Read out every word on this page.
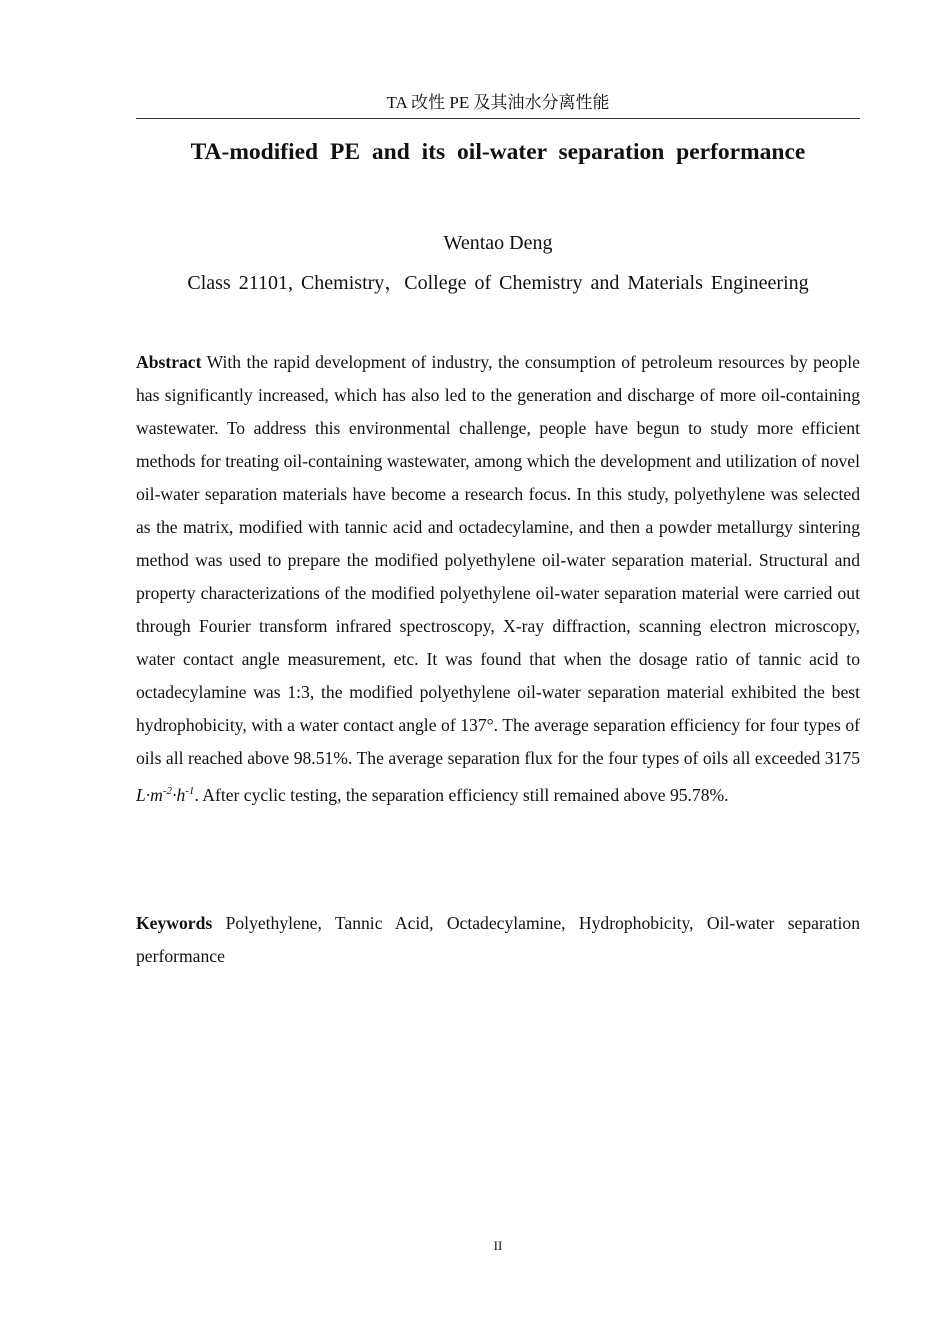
TA 改性 PE 及其油水分离性能
TA-modified PE and its oil-water separation performance
Wentao Deng
Class 21101, Chemistry，College of Chemistry and Materials Engineering

Abstract With the rapid development of industry, the consumption of petroleum resources by people has significantly increased, which has also led to the generation and discharge of more oil-containing wastewater. To address this environmental challenge, people have begun to study more efficient methods for treating oil-containing wastewater, among which the development and utilization of novel oil-water separation materials have become a research focus. In this study, polyethylene was selected as the matrix, modified with tannic acid and octadecylamine, and then a powder metallurgy sintering method was used to prepare the modified polyethylene oil-water separation material. Structural and property characterizations of the modified polyethylene oil-water separation material were carried out through Fourier transform infrared spectroscopy, X-ray diffraction, scanning electron microscopy, water contact angle measurement, etc. It was found that when the dosage ratio of tannic acid to octadecylamine was 1:3, the modified polyethylene oil-water separation material exhibited the best hydrophobicity, with a water contact angle of 137°. The average separation efficiency for four types of oils all reached above 98.51%. The average separation flux for the four types of oils all exceeded 3175 $L\cdot m^{-2}\cdot h^{-1}$. After cyclic testing, the separation efficiency still remained above 95.78%.

Keywords Polyethylene, Tannic Acid, Octadecylamine, Hydrophobicity, Oil-water separation performance

II
